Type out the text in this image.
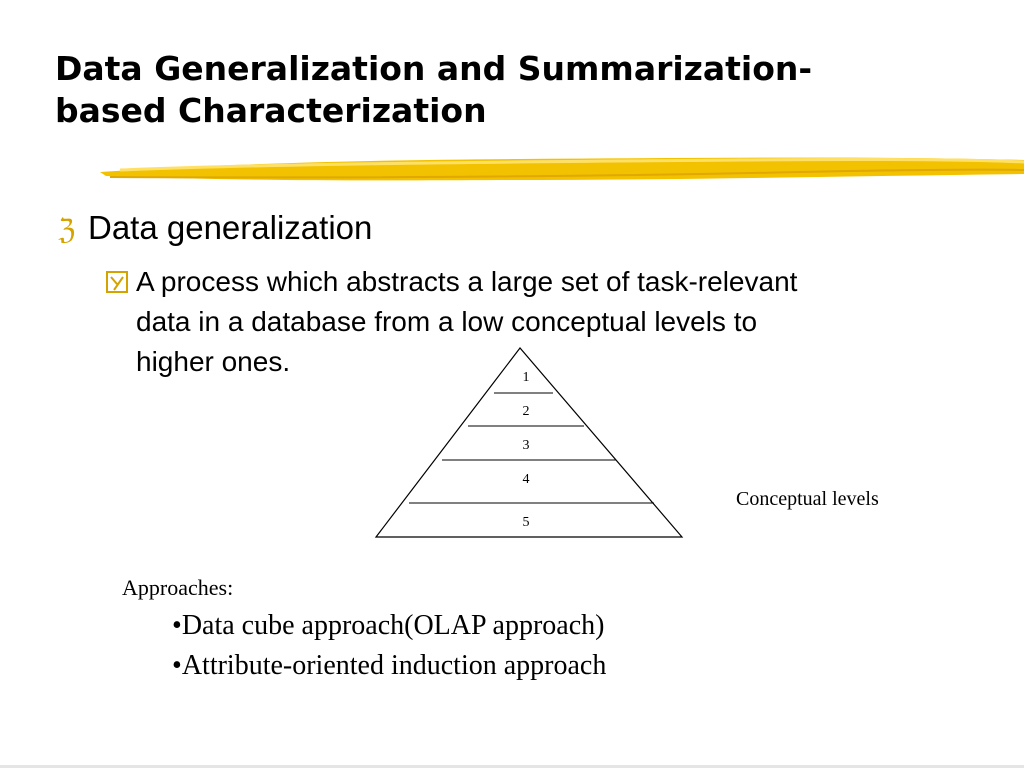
Data Generalization and Summarization-
based Characterization
ℨ Data generalization
A process which abstracts a large set of task-relevant
data in a database from a low conceptual levels to
higher ones.
1
2
3
4
5
Conceptual levels
Approaches:
• Data cube approach(OLAP approach)
• Attribute-oriented induction approach
